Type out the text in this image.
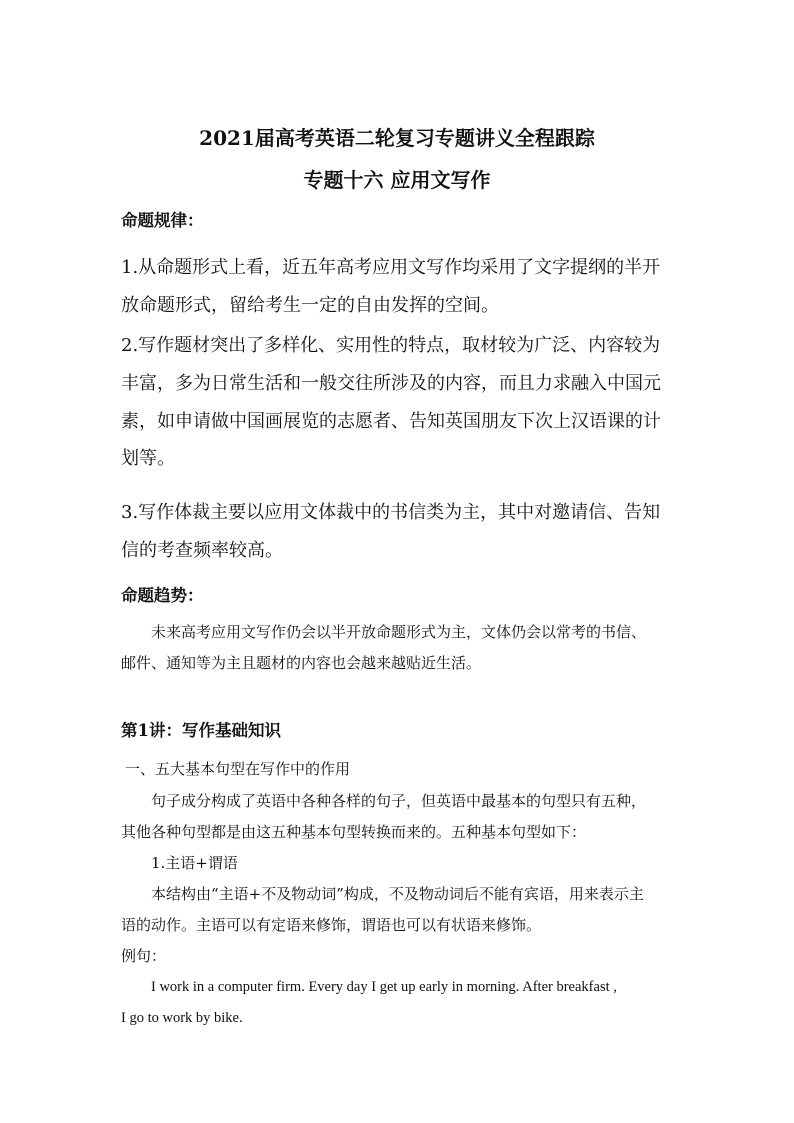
2021届高考英语二轮复习专题讲义全程跟踪
专题十六 应用文写作
命题规律：
1.从命题形式上看，近五年高考应用文写作均采用了文字提纲的半开
放命题形式，留给考生一定的自由发挥的空间。
2.写作题材突出了多样化、实用性的特点，取材较为广泛、内容较为
丰富，多为日常生活和一般交往所涉及的内容，而且力求融入中国元
素，如申请做中国画展览的志愿者、告知英国朋友下次上汉语课的计
划等。
3.写作体裁主要以应用文体裁中的书信类为主，其中对邀请信、告知
信的考查频率较高。
命题趋势：
未来高考应用文写作仍会以半开放命题形式为主，文体仍会以常考的书信、
邮件、通知等为主且题材的内容也会越来越贴近生活。
第1讲：写作基础知识
一、五大基本句型在写作中的作用
句子成分构成了英语中各种各样的句子，但英语中最基本的句型只有五种，
其他各种句型都是由这五种基本句型转换而来的。五种基本句型如下：
1.主语+谓语
本结构由“主语+不及物动词”构成，不及物动词后不能有宾语，用来表示主
语的动作。主语可以有定语来修饰，谓语也可以有状语来修饰。
例句：
I work in a computer firm. Every day I get up early in morning. After breakfast ,
I go to work by bike.
